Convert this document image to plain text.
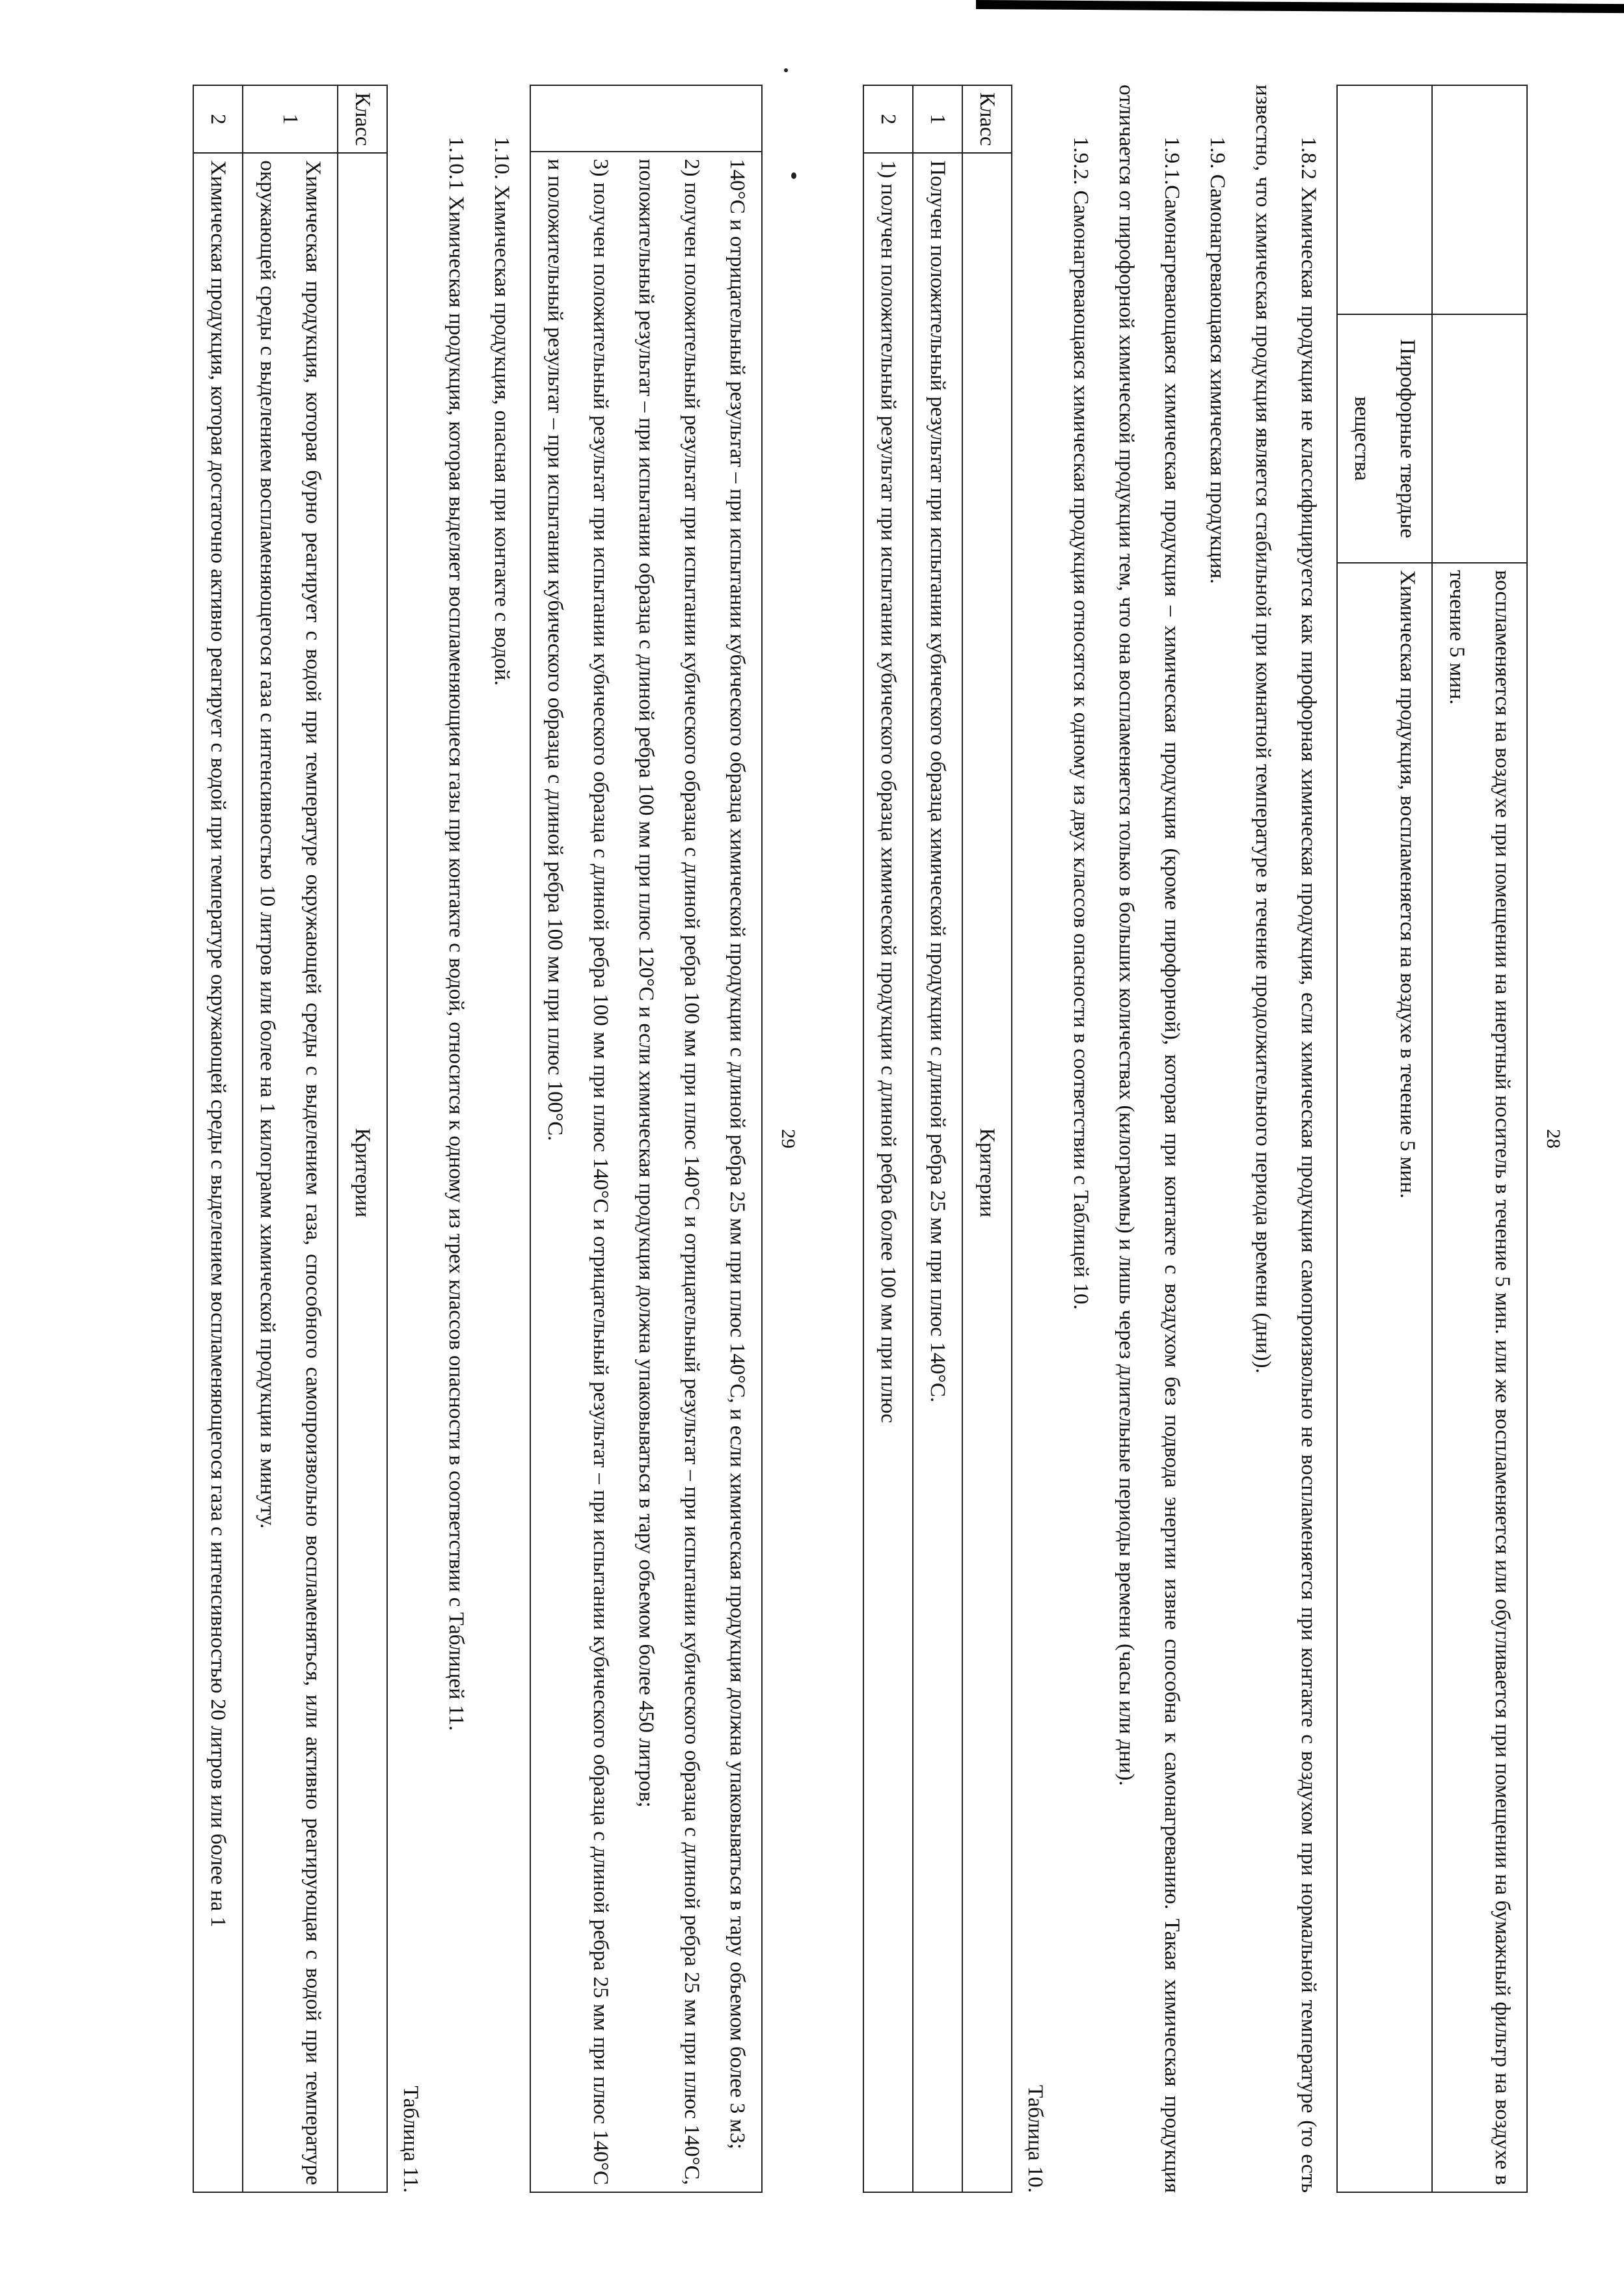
28
		воспламеняется на воздухе при помещении на инертный носитель в течение 5 мин. или же воспламеняется или обугливается при помещении на бумажный фильтр на воздухе в течение 5 мин.
	Пирофорные твердые вещества	Химическая продукция, воспламеняется на воздухе в течение 5 мин.

1.8.2 Химическая продукция не классифицируется как пирофорная химическая продукция, если химическая продукция самопроизвольно не воспламеняется при контакте с воздухом при нормальной температуре (то есть известно, что химическая продукция является стабильной при комнатной температуре в течение продолжительного периода времени (дни)).

1.9. Самонагревающаяся химическая продукция.

1.9.1.Самонагревающаяся химическая продукция – химическая продукция (кроме пирофорной), которая при контакте с воздухом без подвода энергии извне способна к самонагреванию. Такая химическая продукция отличается от пирофорной химической продукции тем, что она воспламеняется только в больших количествах (килограммы) и лишь через длительные периоды времени (часы или дни).

1.9.2. Самонагревающаяся химическая продукция относятся к одному из двух классов опасности в соответствии с Таблицей 10.

Таблица 10.

Класс	Критерии
1	Получен положительный результат при испытании кубического образца химической продукции с длиной ребра 25 мм при плюс 140°С.
2	1) получен положительный результат при испытании кубического образца химической продукции с длиной ребра более 100 мм при плюс
29

140°С и отрицательный результат – при испытании кубического образца химической продукции с длиной ребра 25 мм при плюс 140°С, и если химическая продукция должна упаковываться в тару объемом более 3 м3;
2) получен положительный результат при испытании кубического образца с длиной ребра 100 мм при плюс 140°С и отрицательный результат – при испытании кубического образца с длиной ребра 25 мм при плюс 140°С, положительный результат – при испытании образца с длиной ребра 100 мм при плюс 120°С и если химическая продукция должна упаковываться в тару объемом более 450 литров;
3) получен положительный результат при испытании кубического образца с длиной ребра 100 мм при плюс 140°С и отрицательный результат – при испытании кубического образца с длиной ребра 25 мм при плюс 140°С и положительный результат – при испытании кубического образца с длиной ребра 100 мм при плюс 100°С.

1.10. Химическая продукция, опасная при контакте с водой.

1.10.1 Химическая продукция, которая выделяет воспламеняющиеся газы при контакте с водой, относится к одному из трех классов опасности в соответствии с Таблицей 11.

Таблица 11.

Класс	Критерии
1	Химическая продукция, которая бурно реагирует с водой при температуре окружающей среды с выделением газа, способного самопроизвольно воспламеняться, или активно реагирующая с водой при температуре окружающей среды с выделением воспламеняющегося газа с интенсивностью 10 литров или более на 1 килограмм химической продукции в минуту.
2	Химическая продукция, которая достаточно активно реагирует с водой при температуре окружающей среды с выделением воспламеняющегося газа с интенсивностью 20 литров или более на 1
